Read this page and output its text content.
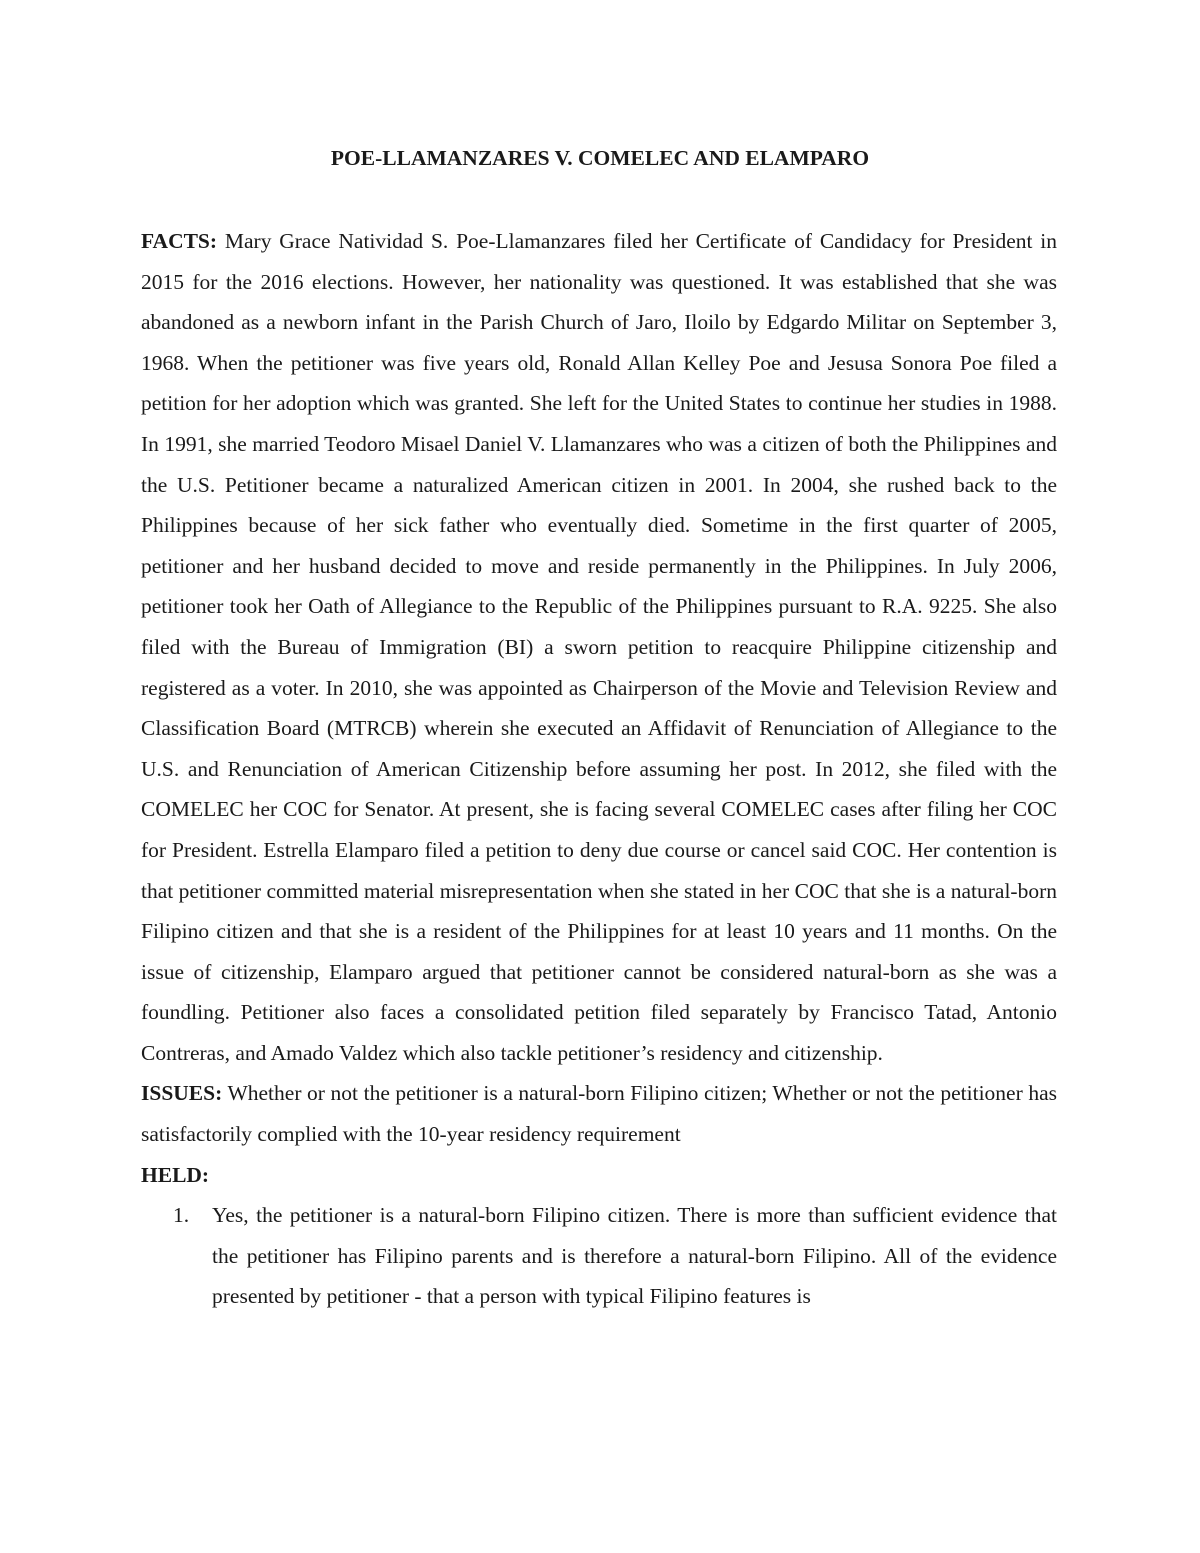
POE-LLAMANZARES V. COMELEC AND ELAMPARO

FACTS: Mary Grace Natividad S. Poe-Llamanzares filed her Certificate of Candidacy for President in 2015 for the 2016 elections. However, her nationality was questioned. It was established that she was abandoned as a newborn infant in the Parish Church of Jaro, Iloilo by Edgardo Militar on September 3, 1968. When the petitioner was five years old, Ronald Allan Kelley Poe and Jesusa Sonora Poe filed a petition for her adoption which was granted. She left for the United States to continue her studies in 1988. In 1991, she married Teodoro Misael Daniel V. Llamanzares who was a citizen of both the Philippines and the U.S. Petitioner became a naturalized American citizen in 2001. In 2004, she rushed back to the Philippines because of her sick father who eventually died. Sometime in the first quarter of 2005, petitioner and her husband decided to move and reside permanently in the Philippines. In July 2006, petitioner took her Oath of Allegiance to the Republic of the Philippines pursuant to R.A. 9225. She also filed with the Bureau of Immigration (BI) a sworn petition to reacquire Philippine citizenship and registered as a voter. In 2010, she was appointed as Chairperson of the Movie and Television Review and Classification Board (MTRCB) wherein she executed an Affidavit of Renunciation of Allegiance to the U.S. and Renunciation of American Citizenship before assuming her post. In 2012, she filed with the COMELEC her COC for Senator. At present, she is facing several COMELEC cases after filing her COC for President. Estrella Elamparo filed a petition to deny due course or cancel said COC. Her contention is that petitioner committed material misrepresentation when she stated in her COC that she is a natural-born Filipino citizen and that she is a resident of the Philippines for at least 10 years and 11 months. On the issue of citizenship, Elamparo argued that petitioner cannot be considered natural-born as she was a foundling. Petitioner also faces a consolidated petition filed separately by Francisco Tatad, Antonio Contreras, and Amado Valdez which also tackle petitioner’s residency and citizenship.

ISSUES: Whether or not the petitioner is a natural-born Filipino citizen; Whether or not the petitioner has satisfactorily complied with the 10-year residency requirement

HELD:

1. Yes, the petitioner is a natural-born Filipino citizen. There is more than sufficient evidence that the petitioner has Filipino parents and is therefore a natural-born Filipino. All of the evidence presented by petitioner - that a person with typical Filipino features is
